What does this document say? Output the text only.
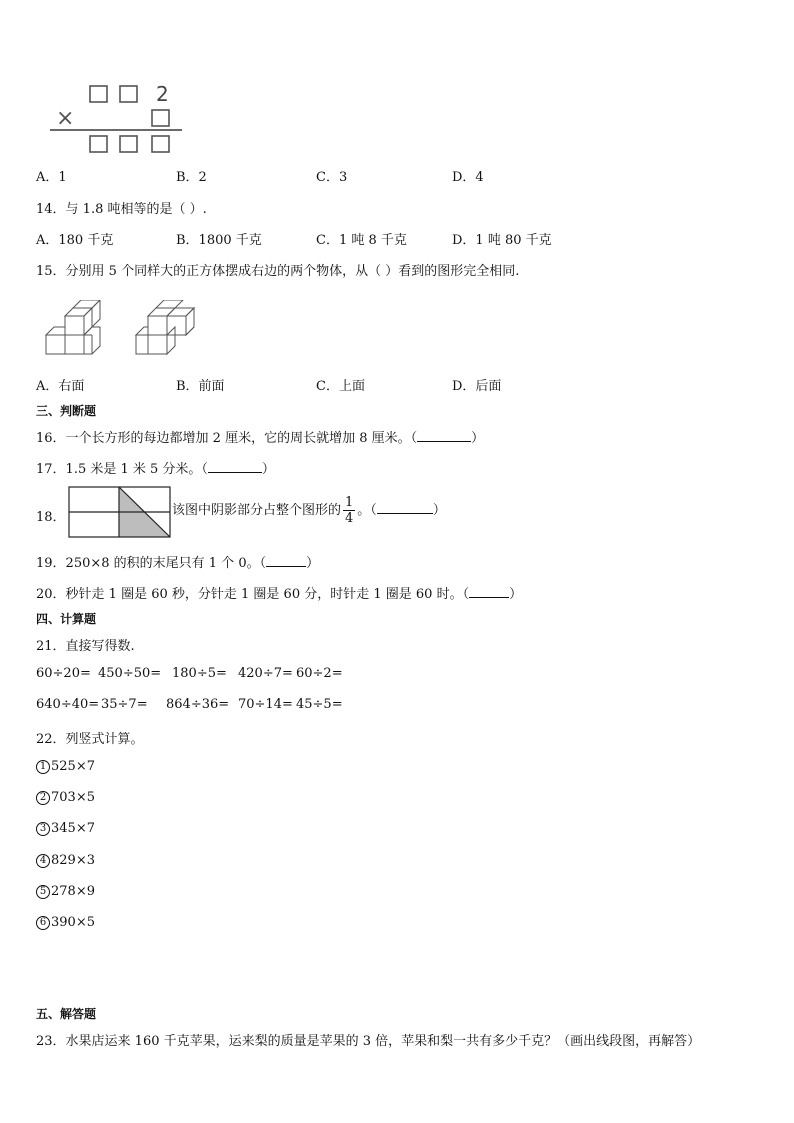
2
×
A．1	B．2	C．3	D．4
14．与 1.8 吨相等的是（ ）.
A．180 千克	B．1800 千克	C．1 吨 8 千克	D．1 吨 80 千克
15．分别用 5 个同样大的正方体摆成右边的两个物体，从（ ）看到的图形完全相同.
A．右面	B．前面	C．上面	D．后面
三、判断题
16．一个长方形的每边都增加 2 厘米，它的周长就增加 8 厘米。（	）
17．1.5 米是 1 米 5 分米。（	）
18．	该图中阴影部分占整个图形的 $\frac{1}{4}$ 。（	）
19．250×8 的积的末尾只有 1 个 0。（	）
20．秒针走 1 圈是 60 秒，分针走 1 圈是 60 分，时针走 1 圈是 60 时。（	）
四、计算题
21．直接写得数.
60÷20= 450÷50= 180÷5= 420÷7= 60÷2=
640÷40= 35÷7= 864÷36= 70÷14= 45÷5=
22．列竖式计算。
1 525×7
2 703×5
3 345×7
4 829×3
5 278×9
6 390×5
五、解答题
23．水果店运来 160 千克苹果，运来梨的质量是苹果的 3 倍，苹果和梨一共有多少千克？（画出线段图，再解答）
